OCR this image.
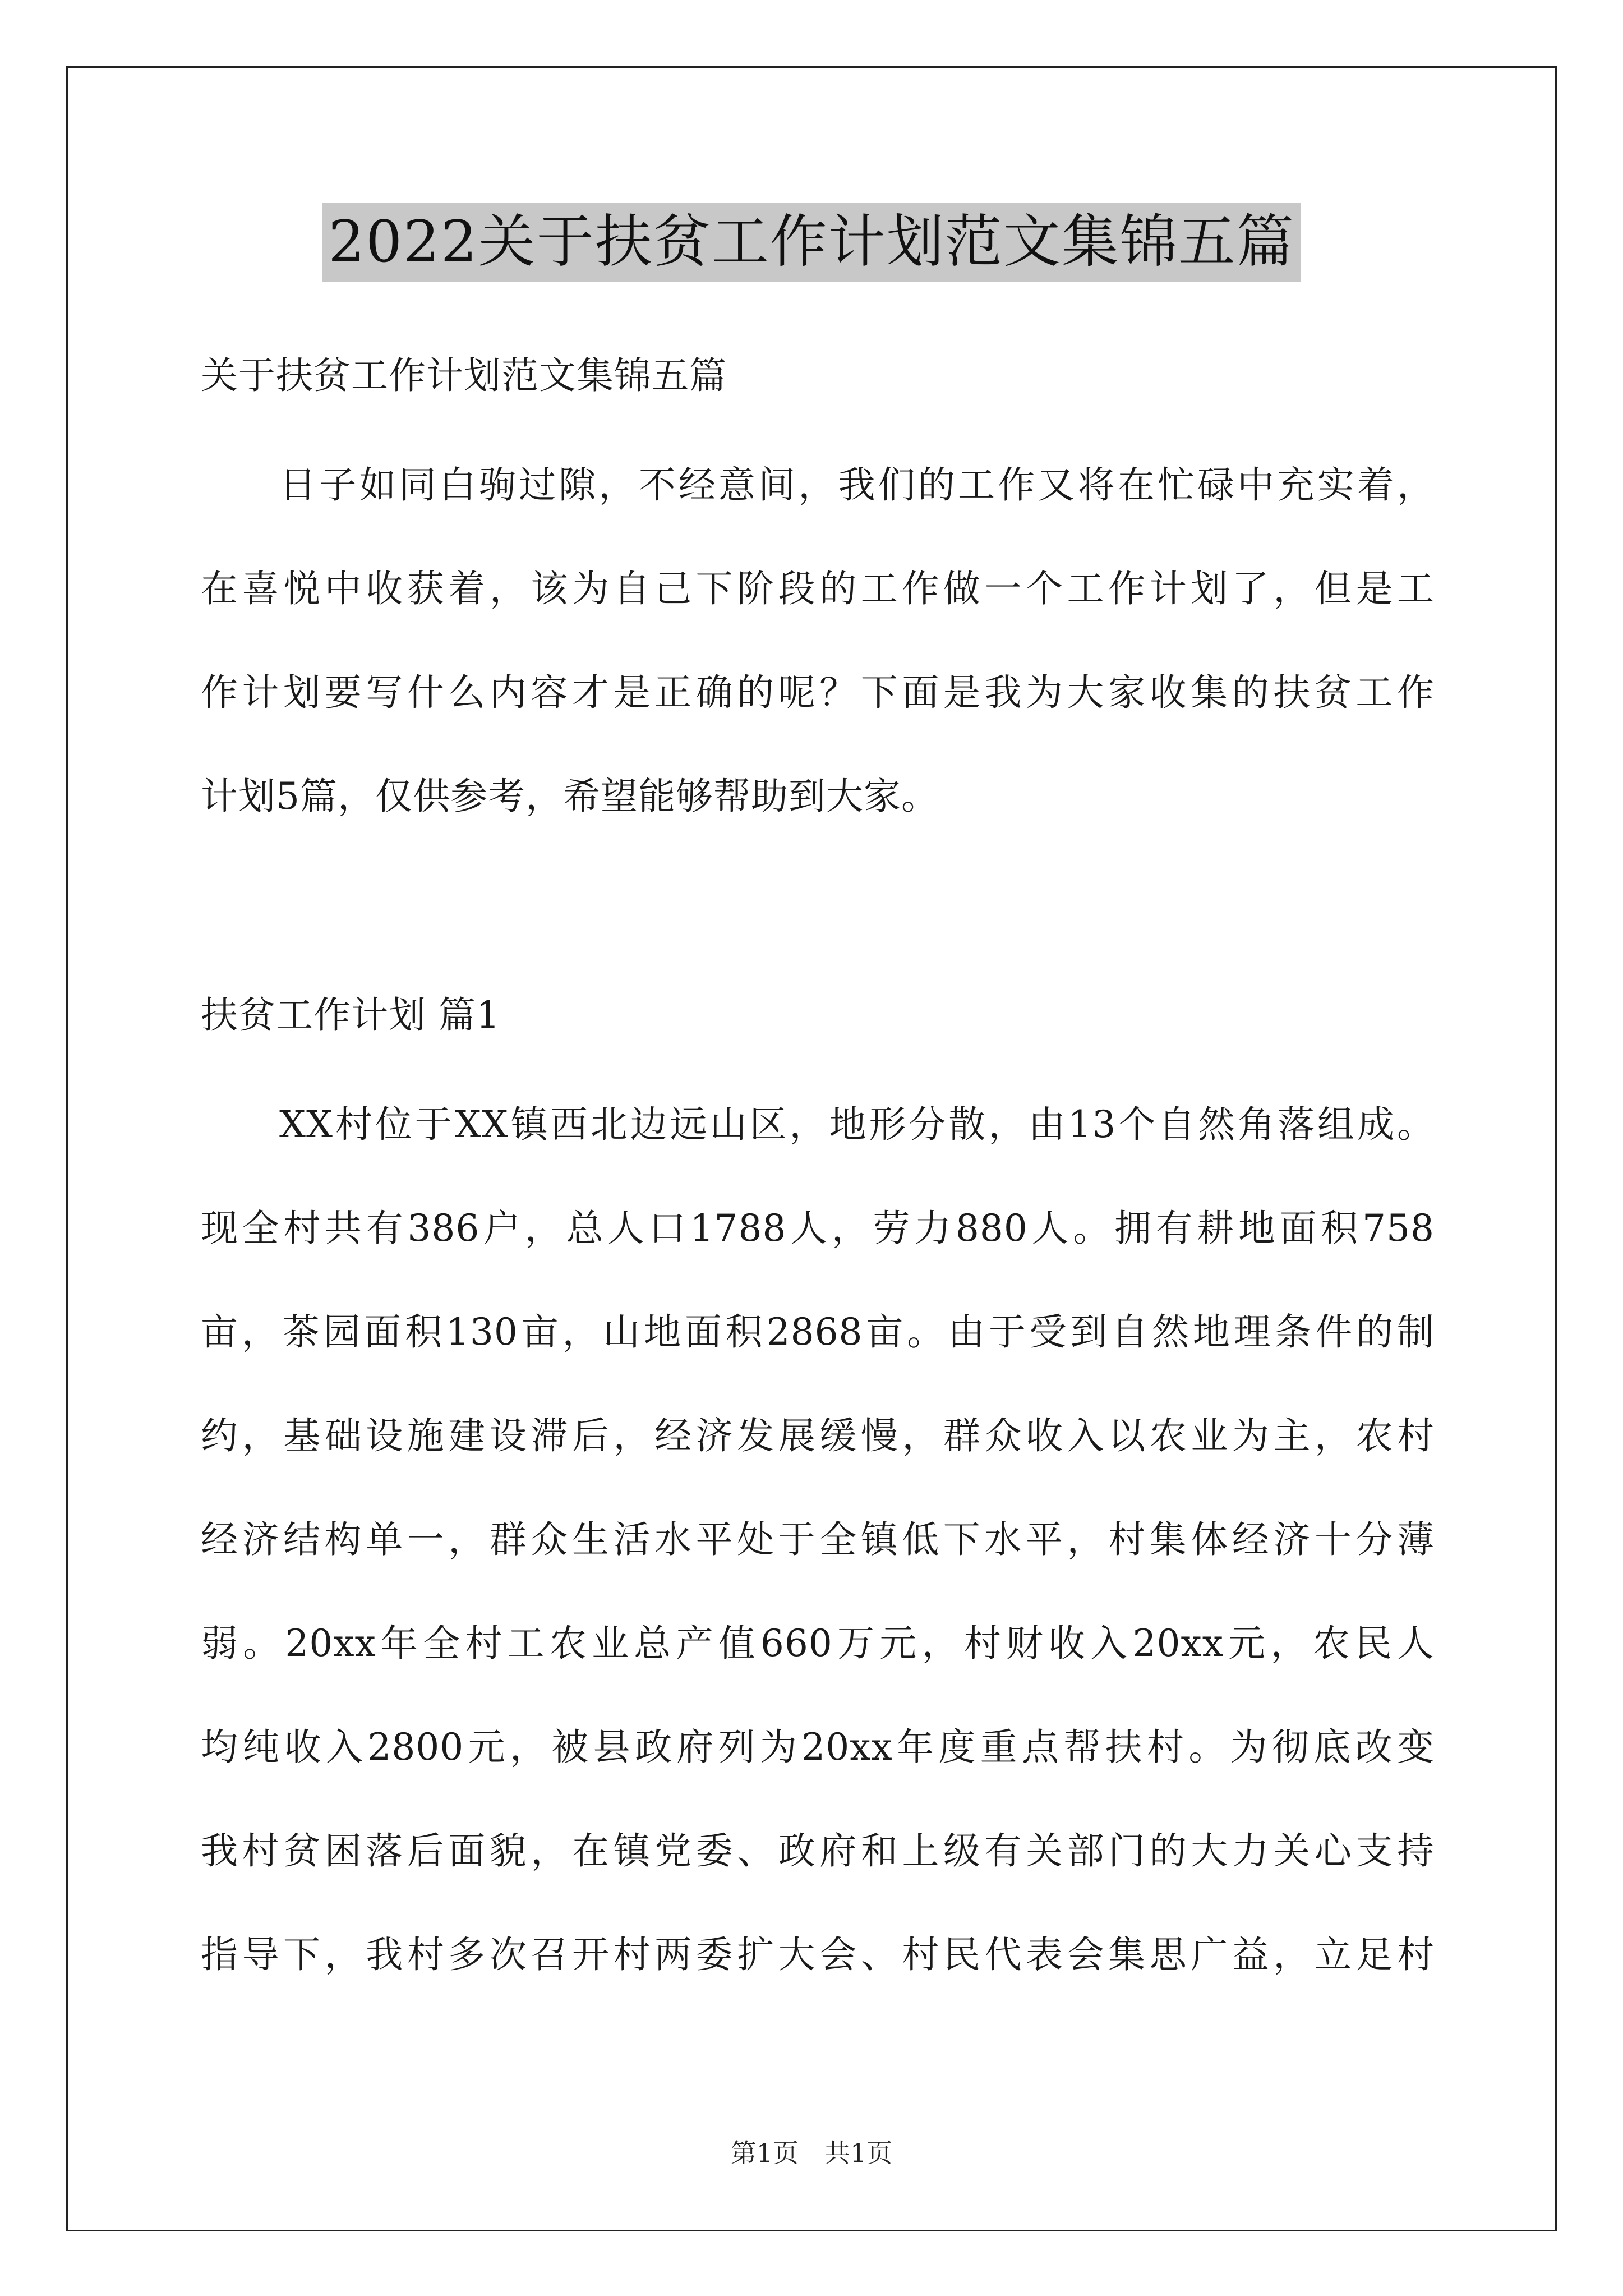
2022关于扶贫工作计划范文集锦五篇
关于扶贫工作计划范文集锦五篇
日子如同白驹过隙，不经意间，我们的工作又将在忙碌中充实着，
在喜悦中收获着，该为自己下阶段的工作做一个工作计划了，但是工
作计划要写什么内容才是正确的呢？下面是我为大家收集的扶贫工作
计划5篇，仅供参考，希望能够帮助到大家。
扶贫工作计划 篇1
XX村位于XX镇西北边远山区，地形分散，由13个自然角落组成。
现全村共有386户，总人口1788人，劳力880人。拥有耕地面积758
亩，茶园面积130亩，山地面积2868亩。由于受到自然地理条件的制
约，基础设施建设滞后，经济发展缓慢，群众收入以农业为主，农村
经济结构单一，群众生活水平处于全镇低下水平，村集体经济十分薄
弱。20xx年全村工农业总产值660万元，村财收入20xx元，农民人
均纯收入2800元，被县政府列为20xx年度重点帮扶村。为彻底改变
我村贫困落后面貌，在镇党委、政府和上级有关部门的大力关心支持
指导下，我村多次召开村两委扩大会、村民代表会集思广益，立足村
第1页　共1页
